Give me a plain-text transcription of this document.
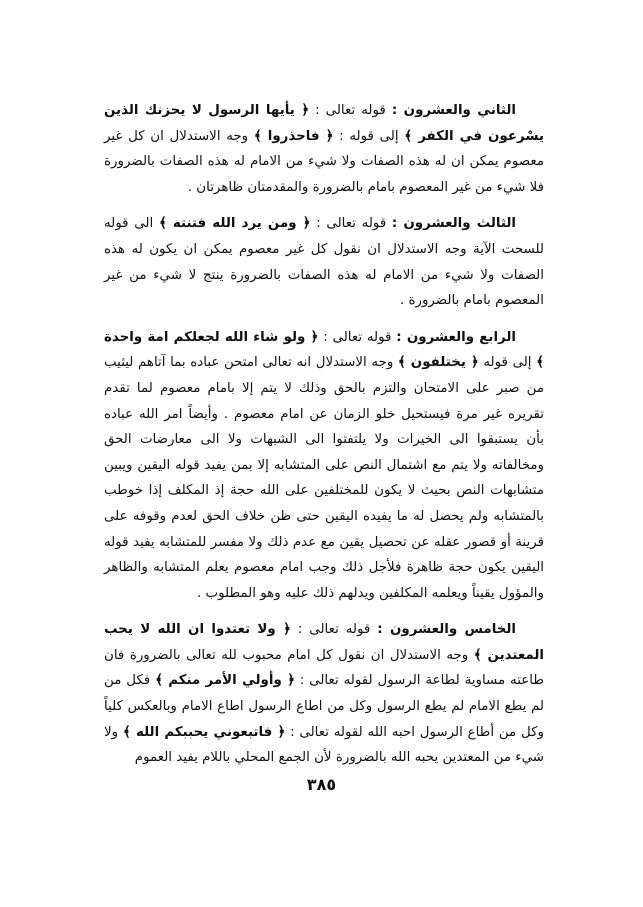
الثاني والعشرون : قوله تعالى : ﴿ يأيها الرسول لا يحزنك الذين يسْرعون في الكفر ﴾ إلى قوله : ﴿ فاحذروا ﴾ وجه الاستدلال ان كل غير معصوم يمكن ان له هذه الصفات ولا شيء من الامام له هذه الصفات بالضرورة فلا شيء من غير المعصوم بامام بالضرورة والمقدمتان ظاهرتان .

الثالث والعشرون : قوله تعالى : ﴿ ومن يرد الله فتنته ﴾ الى قوله للسحت الآية وجه الاستدلال ان نقول كل غير معصوم يمكن ان يكون له هذه الصفات ولا شيء من الامام له هذه الصفات بالضرورة ينتج لا شيء من غير المعصوم بامام بالضرورة .

الرابع والعشرون : قوله تعالى : ﴿ ولو شاء الله لجعلكم امة واحدة ﴾ إلى قوله ﴿ يختلفون ﴾ وجه الاستدلال انه تعالى امتحن عباده بما آتاهم ليثيب من صبر على الامتحان والتزم بالحق وذلك لا يتم إلا بامام معصوم لما تقدم تقريره غير مرة فيستحيل خلو الزمان عن امام معصوم . وأيضاً امر الله عباده بأن يستبقوا الى الخيرات ولا يلتفتوا الى الشبهات ولا الى معارضات الحق ومخالفاته ولا يتم مع اشتمال النص على المتشابه إلا بمن يفيد قوله اليقين ويبين متشابهات النص بحيث لا يكون للمختلفين على الله حجة إذ المكلف إذا خوطب بالمتشابه ولم يحصل له ما يفيده اليقين حتى ظن خلاف الحق لعدم وقوفه على قرينة أو قصور عقله عن تحصيل يقين مع عدم ذلك ولا مفسر للمتشابه يفيد قوله اليقين يكون حجة ظاهرة فلأجل ذلك وجب امام معصوم يعلم المتشابه والظاهر والمؤول يقيناً ويعلمه المكلفين ويدلهم ذلك عليه وهو المطلوب .

الخامس والعشرون : قوله تعالى : ﴿ ولا تعتدوا ان الله لا يحب المعتدين ﴾ وجه الاستدلال ان نقول كل امام محبوب لله تعالى بالضرورة فان طاعته مساوية لطاعة الرسول لقوله تعالى : ﴿ وأولي الأمر منكم ﴾ فكل من لم يطع الامام لم يطع الرسول وكل من اطاع الرسول اطاع الامام وبالعكس كلياً وكل من أطاع الرسول احبه الله لقوله تعالى : ﴿ فاتبعوني يحببكم الله ﴾ ولا شيء من المعتدين يحبه الله بالضرورة لأن الجمع المحلي باللام يفيد العموم

٣٨٥
